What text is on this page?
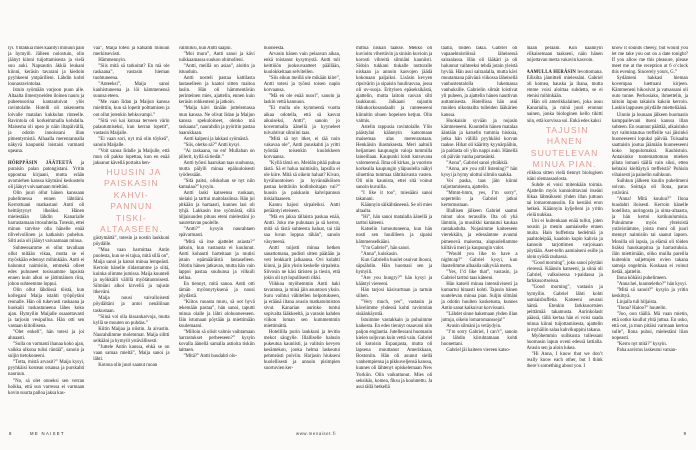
lyi. Yhtäkkiä mies kääntyi minuun päin ja hymyili. Jälleen nolostuin, olin jäänyt kiinni tuijottamisesta ja vielä suu auki. Napsautin äkkiä leukani kiinni, keräsin tavarani ja kiedoin pyyhkeeni ympärilleni. Lähdin kohti lounasravintolaa.

Istuin syömään varjoon puun alle. Altaalta ilmestyneiden iloinen nauru ja puheensorina kantautuivat ylös ravintolalle. Hotelli oli rakennettu loivalle matalan kukkulan rinteelle. Ravintola oli korkeimmalla kohdalla. Maisema oli upea jo näin iltapäivällä, ja odotin innoissani illan pimentymistä. Alhaalla merenrannalla näkyvä kaupunki loistaisi varmasti upeana.

HÖRPPÄSIN JÄÄTEETÄ ja puraisin palan patongistani. Yritin uppoutua kirjaani, mutta erään avomiehen kanssa käymäni keskustelu oli jäänyt vaivaamaan mieltäni.

Olin juuri ollut hänen kanssaan puhelimessa ennen lähtöäni. Kerrottuani matkastani Antti oli heittäytynyt ilkeäksi. Hänen mielestään lähdin Kanarialle harrastamaan irtosuhteita. Totesin, ettei minun tarvitse olla hänelle enää tilivelvollinen ja katkaisin puhelun. Silti asia oli jäänyt vaivaamaan minua.

Suhteessamme ei ollut tavallaan ollut mitään vikaa, mutta se ei myöskään edennyt mihinkään. Antti ei halunnut naimisiin, emmekä olleet edes puhuneet tosissamme lapsista ennen kuin alkoi se jättimäinen riita, johon suhteemme loppui.

Olin ollut lähdössä töistä, kun kollegani Maija istahti työpöytäni reunalle. Hän oli tukevasti raskaana ja huokaili tuskastuneena lähes koko ajan. Hymyilin Maijalle osaaottavasti ja tarjosin vesipulloa. Hän otti sen vastaan kiitollisena.

”Olet enkeli”, hän totesi ja joi ahnaasti.

”Sulla on varmasti ihanaa koko ajan, vaikka ulkona tulisi räntää”, sanoin ja suljin tietokoneeni.

”Totta, mistä arvasit?” Maija kysyi, pyyhkäisi kostean otsansa ja purskahti nauruun.

”No, sä olet onneksi sen verran hoikka, että sun varressa ei varmaan kovin suurta palloa jaksa kas-

vaa”, Maija totesi ja katsahti minuun merkitsevästi.

Hämmennyin.

”Siis mitä sä tarkoitat? En mä ole raskaana”, vastasin hieman tuohtuneena.

”Anteeksi”, Maija sanoi kauhistuneena ja löi kämmenensä suunsa eteen.

”Me vaan Iidan ja Maijun kanssa mietittiin, kun sä lopetit polttamisen ja oot ollut jotenkin hehkuvampi.”

”Sitä voi kai kutsua terveen värin palautumiseksi, kun kerran lopetit”, vastasin Maijalle.

”Ei vaan sori, nyt mä olin töykeä”, sanoin Maijalle.

”Voit sanoa Iidalle ja Maijulle, että mun oli pakko lopettaa, kun en enää jaksanut kävellä portaita hen-

HUUSIN JA
PAISKASIN KAHVI-
PANNUN TISKI-
ALTAASEEN.

gästymättä”, totesin ja nostin laukkuni pöydälle.

”Mua vaan harmittaa Antin puolesta, kun se ei tajua, mitä sillä on”, Maija sanoi ja katsoi minua lempeästi. Kerroin hänelle riidastamme ja siitä, kuinka olimme jumissa. Maija kuunteli ja nyökkäili välillä myötätuntoisesti. Silmiäni alkoi kirvellä ja tajusin itkeväni.

Maija nousi vaivalloisesti pöydältäni ja antoi nenäliinan taskustaan.

”Siinä voi olla kissankarvoja, mutta kyllä se muuten on puhdas.”

Kiitin Maijaa ja niistin. Ja aivastin. Naurahdimme molemmat. Maija silitti selkääni ja hymyili ystävällisesti.

”Juttele Antin kanssa, ehkä se on vaan samaa mieltä”, Maija sanoi ja lähti.

Kotona olin juuri saanut ruoan

valmiiksi, kun Antti saapui.

”Moi muru”, Antti sanoi ja kävi suikkaamassa suukon ohimolleni.

”Antti, meillä on asiaa”, aloitin ja istuuduin.

Antti nosteli pastaa kattilasta lautaselleen ja kaatoi sitten maitoa lasiin. Hän oli hämmentävän perinteinen mies, ajattelin, ennen kuin keräsin rohkeuteni ja jatkoin.

”Maija kävi tänään juttelemassa mun kanssa. Ne olivat Iidan ja Maijun kanssa spekuloineet, olenko mä raskaana”, naurahdin ja pyöritin pastaa haarukkaan.

Antti kalpeni ja lakkasi syömästä.

”Siis, oletko sä?” Antti kysyi.

”Ai raskaana, no en! Mullahan on pillerit, kyllä sä tiedät.”

Antti työnsi haarukan taas suuhunsa, mutta pälyili minua epäluuloisesti syödessään.

”Sitä paitsi, oliskohan se nyt niin kamalaa?” kysyin.

Antti laski katseensa ruokaan, nielaisi ja tarttui maitolasiinsa. Hän joi pitkään ja hartaasti, kunnes lasi oli tyhjä. Lakkasin itse syömästä, sillä hiljaisuuden pituus eteni mielestäni jo naurettavan puolelle.

”Antti?” kysyin naurahtaen epävarmasti.

”Mitä sä itse ajattelet asiasta?” jatkoin, kun vastausta ei kuulunut. Antti kohautti harteitaan ja mutisi jotain epämääräistä lautaselleen. Odotin hänen jatkavan, mutta hän vain lappoi pastaa suuhunsa ja vilkuili kelloa.

En tiennyt, mitä sanoa. Antti otti tämän myönnytyksenä ja nousi pöydästä.

”Kiitos ruoasta muru, sä oot hyvä tekemään pastaa”, hän sanoi, taputti minua olalle ja lähti olohuoneeseen. Jäin istumaan pöytään ja miettimään kuulemaani.

”Milloin sä olisit valmis vaihtamaan harrastukset perheeseen?” kysyin kovalla äänellä samalla astioita tiskiin laittaen.

”Mitä?” Antti huudahti olo-

huoneesta.

Arvasin hänen vain pelaavan aikaa, enkä toistanut kysymystä. Antti tuli keittiöön juoksuvaatteet päällään, kuulokkeitaan selvitellen.

”Siis eikun meillä ole mikään kiire”, Antti totesi ja työnsi toisen napin korvaansa.

”Mä en ole enää nuori”, sanoin ja laskin vettä kannuun.

”Ei mulla ole kymmentä vuotta aikaa odotella, että sä kasvat aikuiseksi, Antti”, sanoin jo kovemmalla äänellä ja kyyneleet tulvahtivat silmiini taas.

”Mitä sä nyt itket, ei tää noin vakavaa ole”, Antti puuskahti ja yritti työntää toisenkin kuulokkeen korvaansa.

”Kyllä tämä on. Meidän pitää puhua tästä. Sä et halua naimisiin, lapsilla ei ole kiire. Mitä sä oikein haluat? Kivan, hyväluontoisen ja hyvännäköisen pastaa keittävän kodinhoitajan vai?” huusin ja paiskasin kahvipannun tiskialtaaseen.

Kannu hajosi sirpaleiksi. Antti perääntyi eteiseen.

”Mä en jaksa tällaista paskaa enää, Antti. Joko me puhutaan ja sä kerrot, mitä sä tästä suhteesta haluat, tai tää saa luvan loppua tähän”, sanoin väsyneenä.

Antti tuijotti minua hetken sanattomana, pudisti sitten päätään ja veti lenkkarit jalkaansa. Ovi kolahti kiinni, ja jäin yksin keskelle sirpaleita. Siivosin ne käsi täristen ja tiesin, että jokin oli nyt lopullisesti rikki.

Viikkoa myöhemmin Antti haki tavaransa, ja minä jäin asuntoon yksin. Suru vaihtui vähitellen helpotukseen, ja eräänä iltana avasin matkatoimiston sivut. Kanarian aurinko tuntui sopivalta lääkkeeltä, ja varasin kahden viikon loman sen kummemmin miettimättä.

Hotellilla purin laukkuni ja levitin mekot sängylle. Illalliselle halusin pukeutua kauniisti, ja valitsin kevyen kesämekon, jonka helma laskeutui pehmeästi polviin. Harjasin hiukseni huolellisesti ja annoin pisimpien suortuvien ker-

mittua niskan taakse. Mekko oli kuvioitu vihertävin ja sinisin kuvioin ja korosti vihreitä silmiäni kauniisti. Sidoin tukkani tiukalle nutturalle niskaan ja annoin kasvojen jäädä kokonaan paljaiksi. Lisäsin kevyen ripsivärin ja sipaisin huulirasvaa, jossa oli uv-suoja. Erityisen epäseksikästä, ajattelin, mutta laitoin rasvan silti laukkuuni. Jalkaani sujautin tikkukorkosandaalit ja ranteeseeni kiinnitin ohuen hopeisen ketjun. Olin valmis.

Astelin rappusia ravintolalle. Ylös päästyäni käännyin katsomaan maisemaa alas merenrantaan. Henkäisin ihastuksesta. Meri aaltoili heijastaen kaupungin valoja tummilla laineillaan. Kaupunki loisti kutsuvana valomerenä. Ilma oli kirkas, ja vuoristo korkealla kaupungin yläpuolella näkyi siluettina tummaa tähtitaivasta vasten. Oli niin kaunista, ettei sitä voinut sanoin kuvailla.

”I like it too”, miesääni sanoi takanani.

Käännyin säikähtäneenä. Se oli mies altaalta.

”Hi”, hän sanoi matalalla äänellä ja tarttui käteeni.

Katselin lumoutuneena, kun hän nosti sen huulilleen ja sipaisi kämmenselkääni.

”I’m Gabriel”, hän sanoi.

”Anna”, kuiskasin.

Kun Gabrielin huulet osuivat ihooni, säpsähdin. Hän huomasi sen ja hymyili.

”Are you hungry?” hän kysyi ja kääntyi viereeni.

Hän tarjosi käsivarttaan ja tartuin siihen.

”Very much, yes”, vastasin ja kävelimme yhdessä kohti ravintolan sisäänkäyntiä.

Istuimme vastakkain ja puhuimme kaikesta. En edes tiennyt osaavani niin paljon englantia. Jutellessani huomasin kielen soljuvan kuin vettä vain. Gabriel oli kotoisin Espanjasta, mutta oli lapsena muuttanut Amerikkaan, Bostoniin. Hän oli asunut siellä vanhempiensa ja pikkuveljensä kanssa, kunnes oli lähtenyt opiskelemaan New Yorkiin. Olin vaikuttunut. Mies oli seksikäs, komea, fiksu ja koulutettu. Ja asui tällä hetkellä

täällä, töiden takia. Gabriel oli vapaaehtoistöissä läheisessä sairaalassa. Hän oli lääkäri ja oli halunnut vaihteeksi tehdä jotain yleistä hyvää. Hän asui sairaalalla, mutta kävi muutamana päivänä viikossa läheisellä vanhustentalolla lukemassa vanhuksille. Gabrielin silmät loistivat yli puheen, ja ajattelin hänen nauttivan auttamisesta. Hotellissa hän asui muiden ulkomailta tulleiden lääkärien kanssa.

Huokaisin syvään ja nojasin kämmeneeni. Kuuntelin hänen matalaa ääntään ja katselin tummia hiuksia, jotka hän välillä pyyhkäisi korvan taakse. Hihat oli kääritty kyynärpäihin, ja paidasta oli ylin nappi auki. Hänellä oli päivän vanha partasänki.

”Anna”, Gabriel sanoi yhtäkkiä.

”Anna, are you still listening?” hän kysyi ja hymy ulottui silmiin saakka.

Voi paska, taas jäin kiinni tuijottamisesta, ajattelin.

”Mmm-hmm, yes, I’m sorry”, sopertelin ja Gabriel jatkoi kertomustaan.

Illallisen jälkeen Gabriel saattoi minut ulos terassille. Ilta oli yhä lämmin, ja musiikki kantautui kaukaa rantakadulta. Nojasimme kaiteeseen vierekkäin, ja edessämme avautui pimenevä maisema, alapuolellamme kiiltävä meri ja kaupungin valot.

”Would you like to have a nightcap?” Gabriel kysyi, kun ihastelimme alhaalla näkyvää merta.

”Yes, I’d like that”, vastasin, ja Gabriel tarttui taas käteeni.

Hän katseli minua intensiivisesti ja kumartui hitaasti kohti. Tajusin hänen suutelevan minua pian. Suljin silmäni ja odotin huulten kosketusta, kunnes Antin sanat kaikuivat korvissani.

”Lähdet sinne hakemaan yhden illan juttuja, oikein lomaromansseja!”

Avasin silmäni ja vetäydyin.

”I’m sorry Gabriel, I can’t”, sanoin ja lähdin kiiruhtamaan kohti huonettani.

Gabriel jäi kaiteen viereen katso-

maan perääni. Kun käännyin vilkaisemaan taakseni, näin hänen tuijottavan merta vakavin kasvoin.

AAMULLA HERÄSIN levottomana. Eilisilta jännitteli mielessäni. Gabriel oli komea, hauska ja ihana, mutta emme voisi aloittaa suhdetta, se ei etenisi mihinkään.

Hän oli amerikkalainen, joka asuu Kanarialla, ja minä juuri eronnut nainen, jonka biologinen kello tikitti niin, että korvissa soi. Enkä edes kaksi

TAJUSIN
HÄNEN
SUUTELEVAN
MINUA PIAN.

viikkoa sitten vielä tiennyt biologisen isäni olemassaolosta.

Suhde ei voisi mitenkään toimia. Ajattelin myös kunnioittavani itseäni liikaa lähteäkseni yhden illan juttuun tai lomaromanssiin. En kestäisi eron hetkeä. Käännyin kyljelleni ja yritin vielä nukkua.

Uni ei kuitenkaan enää tullut, joten nousin ja menin aamiaiselle ennen muita. Hain buffetista hedelmiä ja paahtoleipää, kaadoin kupin kahvia ja kannoin tarjottimen varjoisaan pöytään. Aset-telin aamiaiseni esille ja aloin syödä rauhassa.

”Good morning”, joku sanoi pöytäni vieressä. Käänsin katseeni, ja siinä oli Gabriel, valkoisessa t-paidassa ja farkkusortseissa.

”Good morning”, vastasin ja hymyilin. Gabriel lähti kohti aamiaisbuffetia. Katseeni seurasi häntä. Etenkin farkkusortsien peittämää takamusta. Aurinkolasit päässä, tällä kertaa hän ei voisi saada minua kiinni tuijottamisesta, ajattelin ja myhäilin salaa kahvikuppini takana.

Myöhemmin suihkusta tullessani huomasin lapun oveni edessä lattialla. Avasin sen ja aloin lukea.

”Hi Anna, I know that we don’t really know each other, but I think there’s something about you. I

know it sounds cheesy, but would you let me take you out on a date tonight? If you allow me this pleasure, please meet me at the reception at 6 o’clock this evening. Sincerely yours, G.”

Sydämeni hakkasi hieman kovempaa luettuani kirjeen. Kämmeneni hikosivat ja vatsassani oli outo tunne. Perhosiako, ihmettelin, ja taitoin lapun takaisin kaksin kerroin. Laskin lappusen pöydälle mietteliäänä.

Uinnin ja lounaan jälkeen huomasin kamppailevani itseni kanssa illan suhteen. En osannut päättää, alkaisinko nyt valmistautua treffeille vai jäisinkö huoneeseeni lopuksi päivää. Toisaalta saattaisin joutua jäämään huoneeseeni koko loppulomaksi. Kauhistuin. Antaisinko tuntemattoman miehen pilata lomani täällä vain siksi, etten kehtaisi kieltäytyä treffeistä? Puhisin vihaisesti ja painelin suihkuun.

Suihkun jälkeen kuulin puhelimeni soivan. Soittaja oli Ilona, paras ystäväni.

”Anna! Mitä kuuluu?” Ilona huudahti iloisesti. Kerroin hänelle hotellista, auringosta ja uima-altaasta, ja hän kertoi kotikuulumisia. Puhuimme myös yhteisistä ystävistämme, joista moni oli juuri mennyt naimisiin tai saanut lapsen. Monilla oli lapsia, ja elämä oli töiden lisäksi hauskanpitoa ja harrastuksia. Jäin miettimään, oliko muilla pareilla kuitenkin suljettujen ovien takana samoja ongelmia. Koskaan ei voinut tietää, ajattelin.

Ilona köhäisi puhelimeen.

”Anna hei, kuunteletko?” hän kysyi.

”Mitä sä sanoit?” kysyin ja yritin keskittyä.

Linjalla tuli hiljaista.

”Ilona? Haloo?” huutelin.

”Joo, oon täällä. Mä vaan mietin, että ootko kuullut yhtä juttua. En usko, että oot, ja mun pitäisi varmaan kertoa sulle”, Ilona puhui, mielestäni liian nopeasti.

”Kerro nyt mitä?” kysyin.

Paha aavistus laskeutui vatsan-

8	ME NAISET	www.menaiset.fi	9
